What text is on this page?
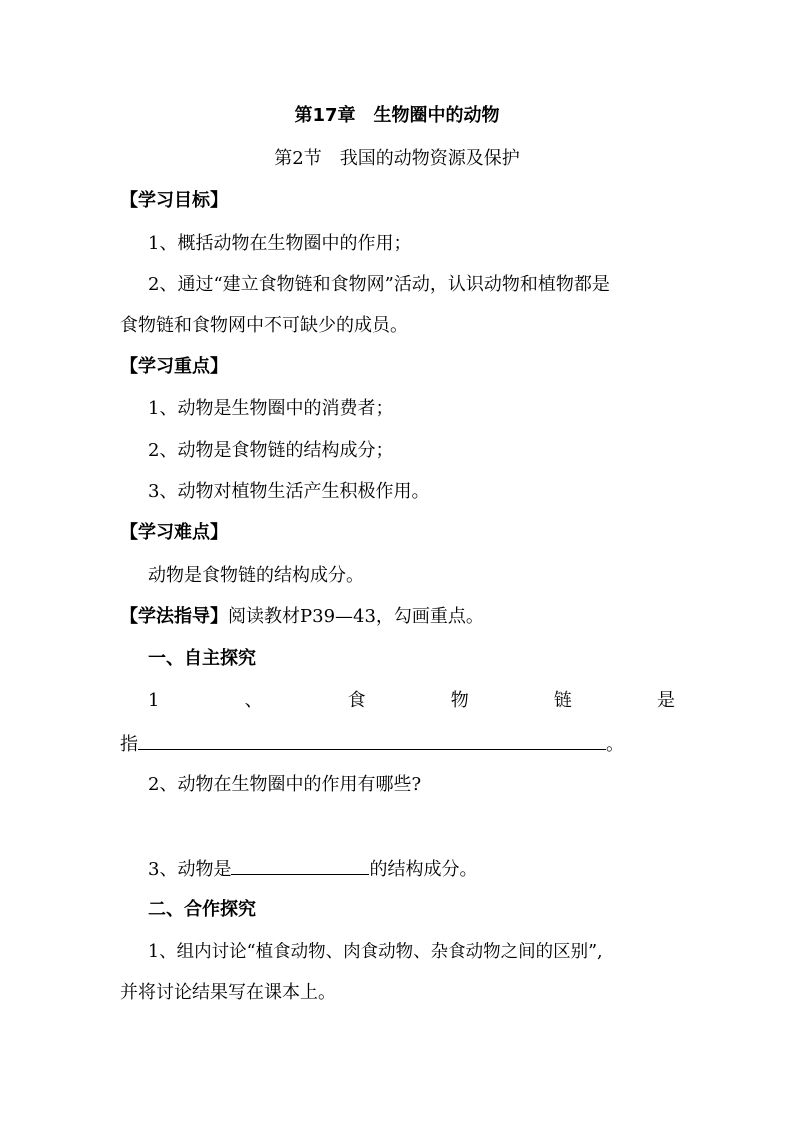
第17章　生物圈中的动物
第2节　我国的动物资源及保护
【学习目标】
1、概括动物在生物圈中的作用；
2、通过“建立食物链和食物网”活动，认识动物和植物都是
食物链和食物网中不可缺少的成员。
【学习重点】
1、动物是生物圈中的消费者；
2、动物是食物链的结构成分；
3、动物对植物生活产生积极作用。
【学习难点】
动物是食物链的结构成分。
【学法指导】阅读教材P39—43，勾画重点。
一、自主探究
1	、	食	物	链	是
指	。
2、动物在生物圈中的作用有哪些?
3、动物是	的结构成分。
二、合作探究
1、组内讨论“植食动物、肉食动物、杂食动物之间的区别”,
并将讨论结果写在课本上。
